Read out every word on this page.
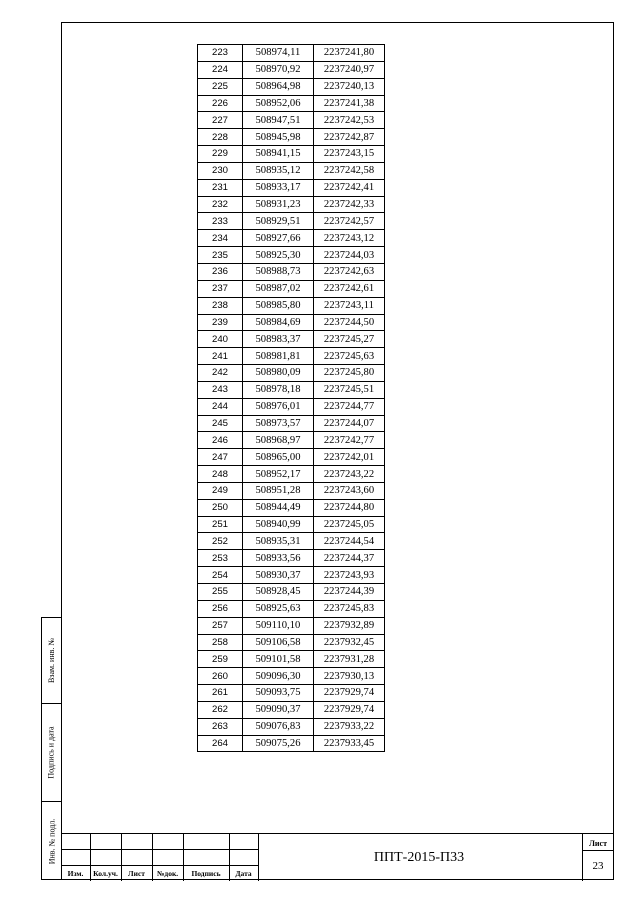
223	508974,11	2237241,80
224	508970,92	2237240,97
225	508964,98	2237240,13
226	508952,06	2237241,38
227	508947,51	2237242,53
228	508945,98	2237242,87
229	508941,15	2237243,15
230	508935,12	2237242,58
231	508933,17	2237242,41
232	508931,23	2237242,33
233	508929,51	2237242,57
234	508927,66	2237243,12
235	508925,30	2237244,03
236	508988,73	2237242,63
237	508987,02	2237242,61
238	508985,80	2237243,11
239	508984,69	2237244,50
240	508983,37	2237245,27
241	508981,81	2237245,63
242	508980,09	2237245,80
243	508978,18	2237245,51
244	508976,01	2237244,77
245	508973,57	2237244,07
246	508968,97	2237242,77
247	508965,00	2237242,01
248	508952,17	2237243,22
249	508951,28	2237243,60
250	508944,49	2237244,80
251	508940,99	2237245,05
252	508935,31	2237244,54
253	508933,56	2237244,37
254	508930,37	2237243,93
255	508928,45	2237244,39
256	508925,63	2237245,83
257	509110,10	2237932,89
258	509106,58	2237932,45
259	509101,58	2237931,28
260	509096,30	2237930,13
261	509093,75	2237929,74
262	509090,37	2237929,74
263	509076,83	2237933,22
264	509075,26	2237933,45
Взам. инв. №
Подпись и дата
Инв. № подл.
Изм.	Кол.уч.	Лист	№док.	Подпись	Дата
ППТ-2015-П33
Лист
23
